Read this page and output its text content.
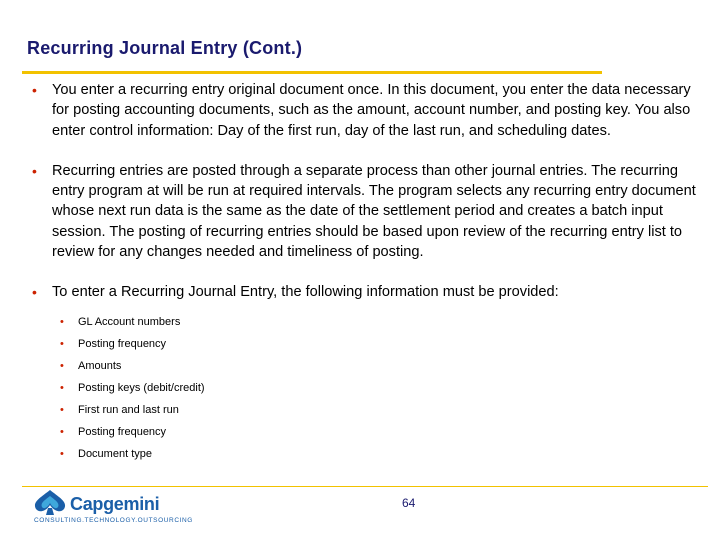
Recurring Journal Entry (Cont.)
• You enter a recurring entry original document once. In this document, you enter the data necessary for posting accounting documents, such as the amount, account number, and posting key. You also enter control information: Day of the first run, day of the last run, and scheduling dates.
• Recurring entries are posted through a separate process than other journal entries. The recurring entry program at will be run at required intervals. The program selects any recurring entry document whose next run data is the same as the date of the settlement period and creates a batch input session. The posting of recurring entries should be based upon review of the recurring entry list to review for any changes needed and timeliness of posting.
• To enter a Recurring Journal Entry, the following information must be provided:
• GL Account numbers
• Posting frequency
• Amounts
• Posting keys (debit/credit)
• First run and last run
• Posting frequency
• Document type
Capgemini
CONSULTING.TECHNOLOGY.OUTSOURCING
64
